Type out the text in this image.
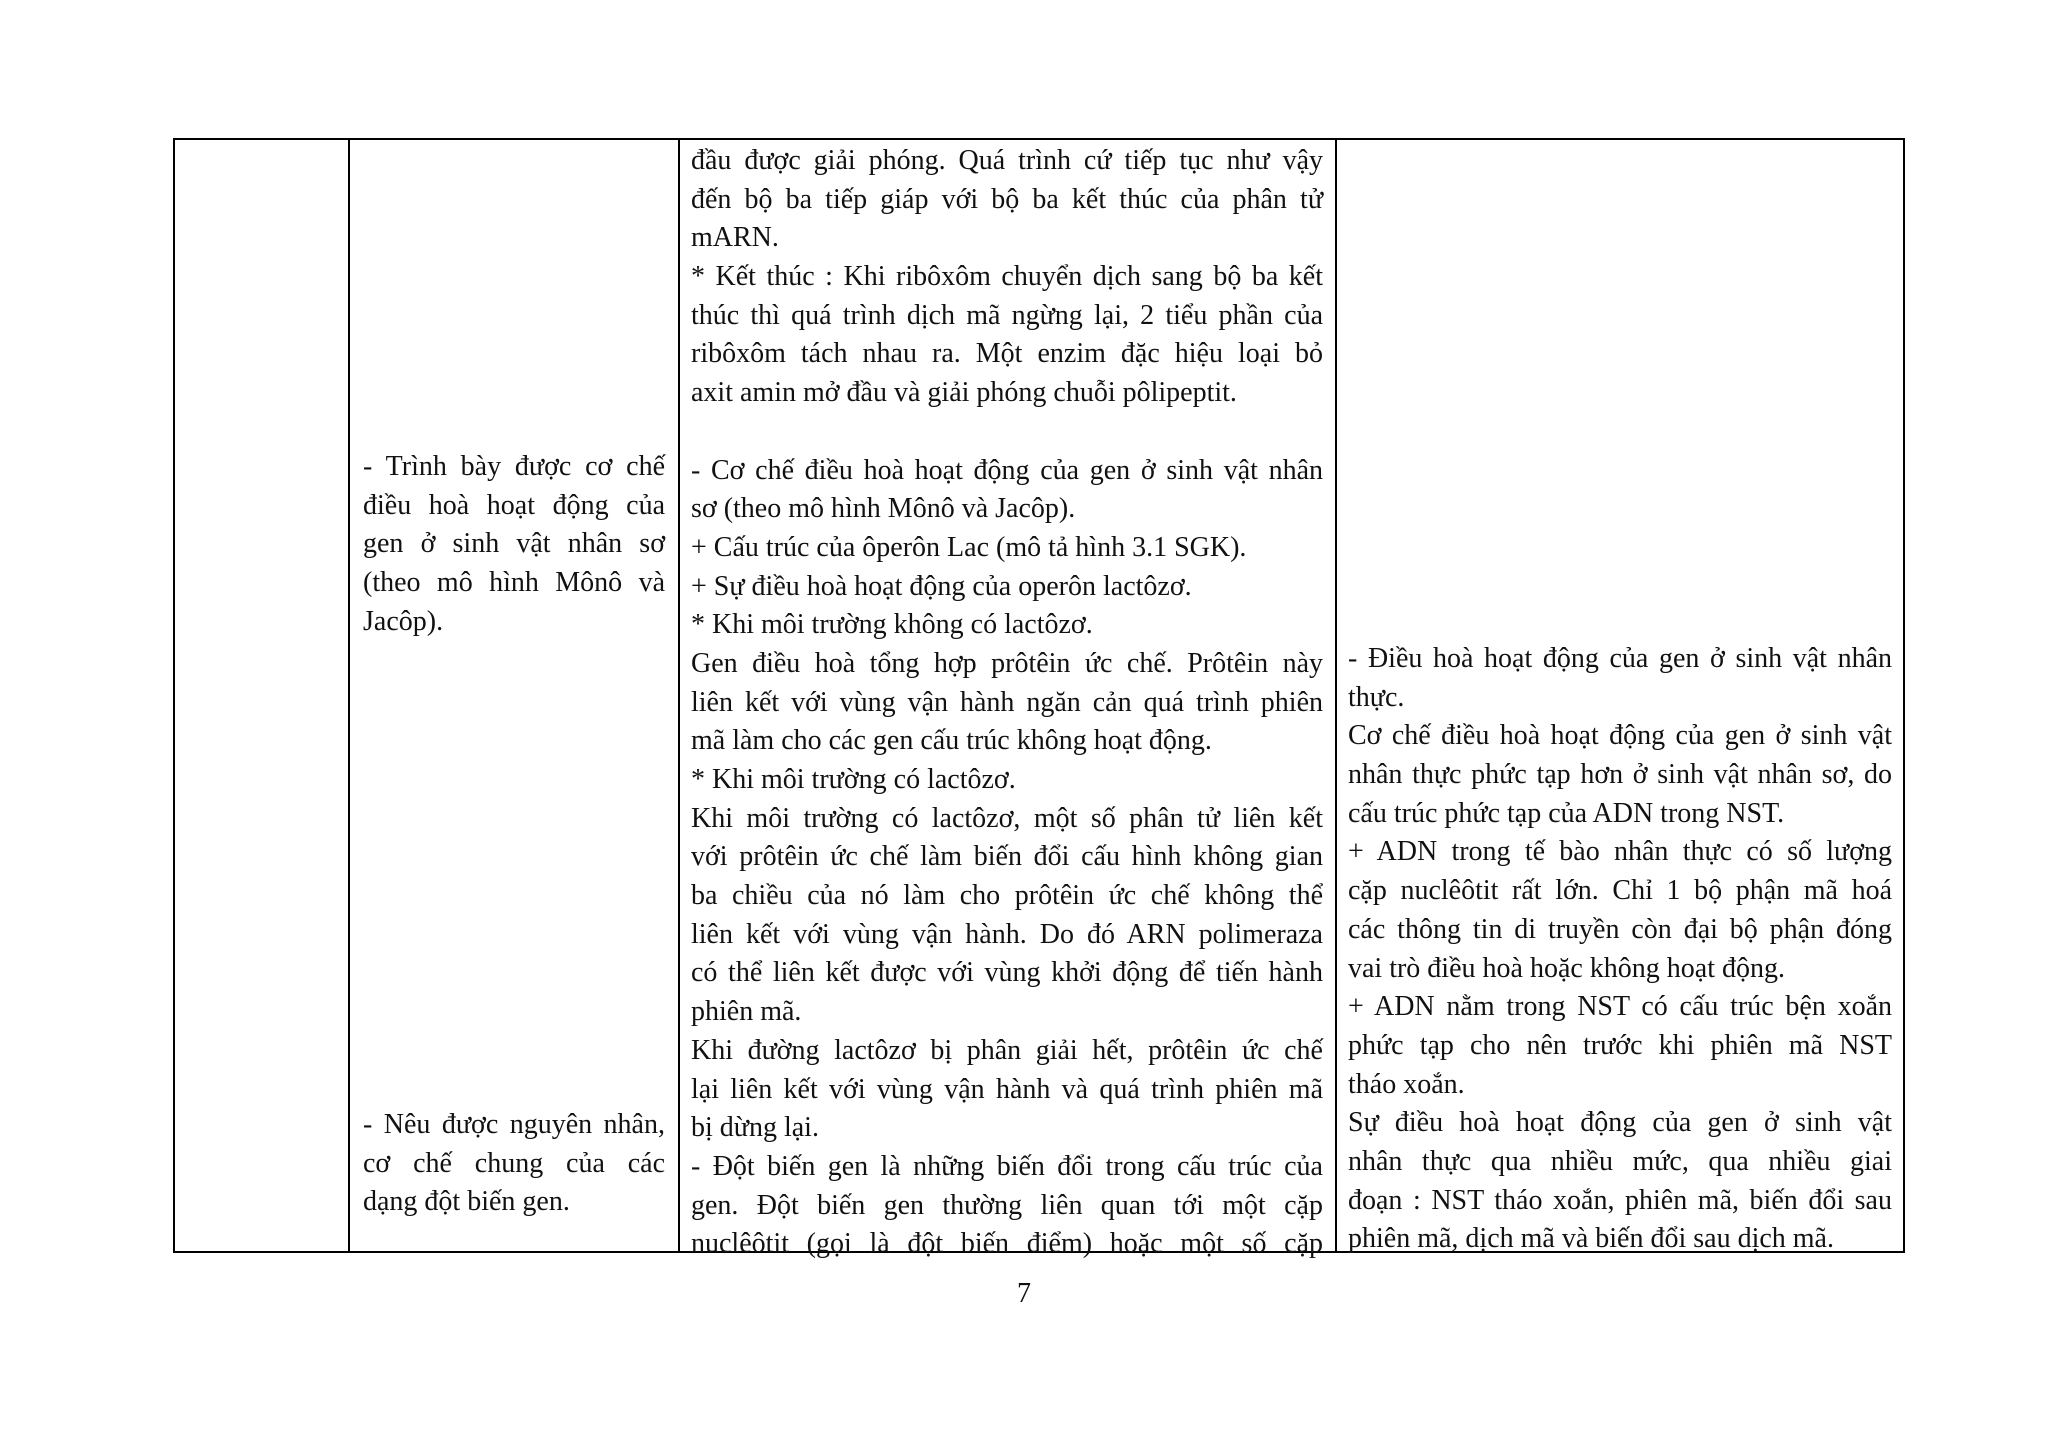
- Trình bày được cơ chế
điều hoà hoạt động của
gen ở sinh vật nhân sơ
(theo mô hình Mônô và
Jacôp).
- Nêu được nguyên nhân,
cơ chế chung của các
dạng đột biến gen.
đầu được giải phóng. Quá trình cứ tiếp tục như vậy
đến bộ ba tiếp giáp với bộ ba kết thúc của phân tử
mARN.
* Kết thúc : Khi ribôxôm chuyển dịch sang bộ ba kết
thúc thì quá trình dịch mã ngừng lại, 2 tiểu phần của
ribôxôm tách nhau ra. Một enzim đặc hiệu loại bỏ
axit amin mở đầu và giải phóng chuỗi pôlipeptit.
- Cơ chế điều hoà hoạt động của gen ở sinh vật nhân
sơ (theo mô hình Mônô và Jacôp).
+ Cấu trúc của ôperôn Lac (mô tả hình 3.1 SGK).
+ Sự điều hoà hoạt động của operôn lactôzơ.
* Khi môi trường không có lactôzơ.
Gen điều hoà tổng hợp prôtêin ức chế. Prôtêin này
liên kết với vùng vận hành ngăn cản quá trình phiên
mã làm cho các gen cấu trúc không hoạt động.
* Khi môi trường có lactôzơ.
Khi môi trường có lactôzơ, một số phân tử liên kết
với prôtêin ức chế làm biến đổi cấu hình không gian
ba chiều của nó làm cho prôtêin ức chế không thể
liên kết với vùng vận hành. Do đó ARN polimeraza
có thể liên kết được với vùng khởi động để tiến hành
phiên mã.
Khi đường lactôzơ bị phân giải hết, prôtêin ức chế
lại liên kết với vùng vận hành và quá trình phiên mã
bị dừng lại.
- Đột biến gen là những biến đổi trong cấu trúc của
gen. Đột biến gen thường liên quan tới một cặp
nuclêôtit (gọi là đột biến điểm) hoặc một số cặp
- Điều hoà hoạt động của gen ở sinh vật nhân
thực.
Cơ chế điều hoà hoạt động của gen ở sinh vật
nhân thực phức tạp hơn ở sinh vật nhân sơ, do
cấu trúc phức tạp của ADN trong NST.
+ ADN trong tế bào nhân thực có số lượng
cặp nuclêôtit rất lớn. Chỉ 1 bộ phận mã hoá
các thông tin di truyền còn đại bộ phận đóng
vai trò điều hoà hoặc không hoạt động.
+ ADN nằm trong NST có cấu trúc bện xoắn
phức tạp cho nên trước khi phiên mã NST
tháo xoắn.
Sự điều hoà hoạt động của gen ở sinh vật
nhân thực qua nhiều mức, qua nhiều giai
đoạn : NST tháo xoắn, phiên mã, biến đổi sau
phiên mã, dịch mã và biến đổi sau dịch mã.
7
